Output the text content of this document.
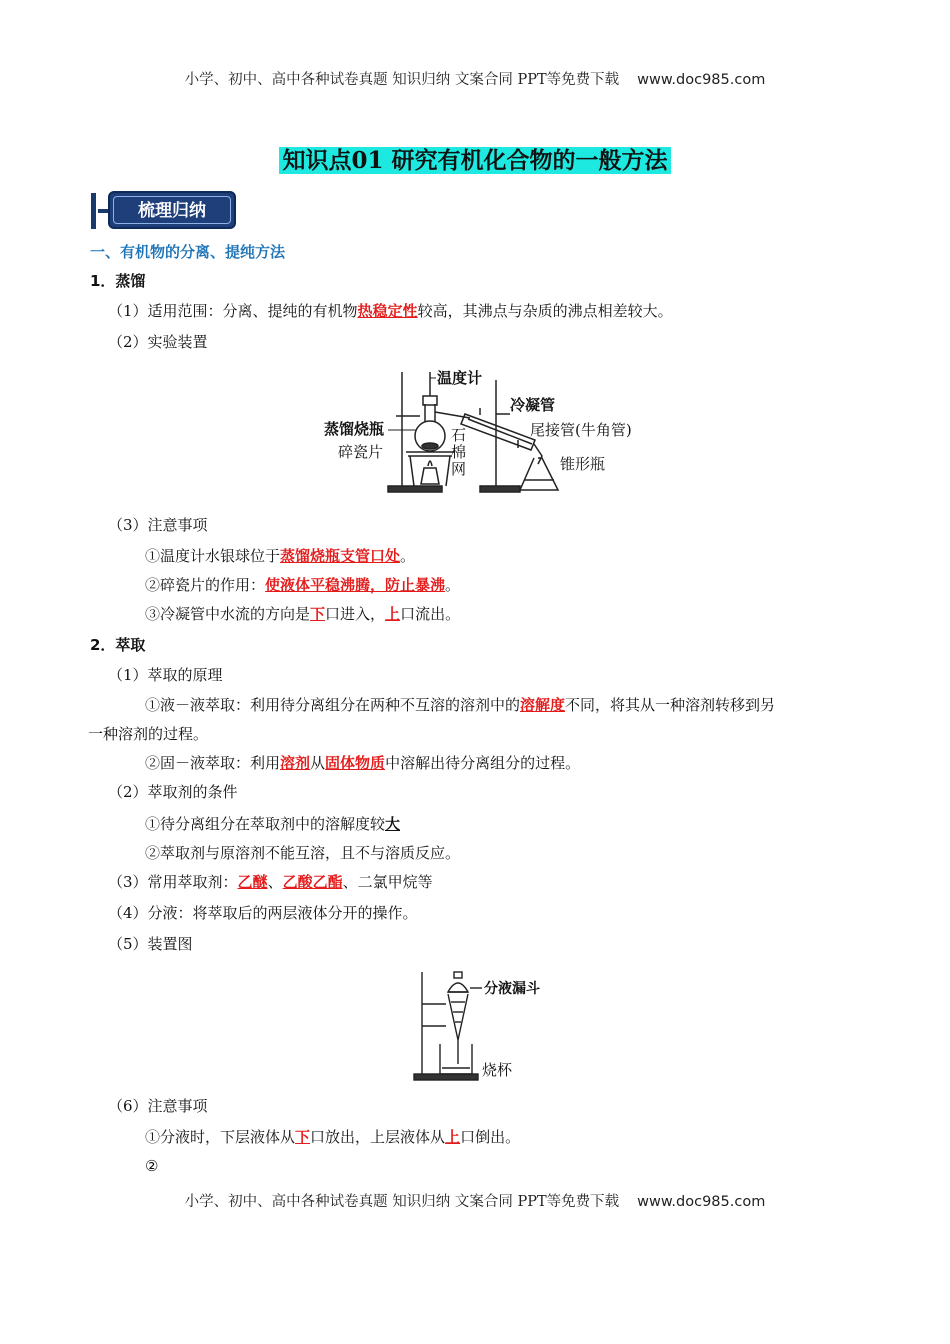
小学、初中、高中各种试卷真题 知识归纳 文案合同 PPT等免费下载 www.doc985.com
知识点01 研究有机化合物的一般方法
梳理归纳
一、有机物的分离、提纯方法
1．蒸馏
（1）适用范围：分离、提纯的有机物热稳定性较高，其沸点与杂质的沸点相差较大。
（2）实验装置
温度计
冷凝管
蒸馏烧瓶	尾接管(牛角管)
碎瓷片
石
棉
网	锥形瓶
（3）注意事项
①温度计水银球位于蒸馏烧瓶支管口处。
②碎瓷片的作用：使液体平稳沸腾，防止暴沸。
③冷凝管中水流的方向是下口进入，上口流出。
2．萃取
（1）萃取的原理
①液－液萃取：利用待分离组分在两种不互溶的溶剂中的溶解度不同，将其从一种溶剂转移到另
一种溶剂的过程。
②固－液萃取：利用溶剂从固体物质中溶解出待分离组分的过程。
（2）萃取剂的条件
①待分离组分在萃取剂中的溶解度较大
②萃取剂与原溶剂不能互溶，且不与溶质反应。
（3）常用萃取剂：乙醚、乙酸乙酯、二氯甲烷等
（4）分液：将萃取后的两层液体分开的操作。
（5）装置图
分液漏斗
烧杯
（6）注意事项
①分液时，下层液体从下口放出，上层液体从上口倒出。
②
小学、初中、高中各种试卷真题 知识归纳 文案合同 PPT等免费下载 www.doc985.com
